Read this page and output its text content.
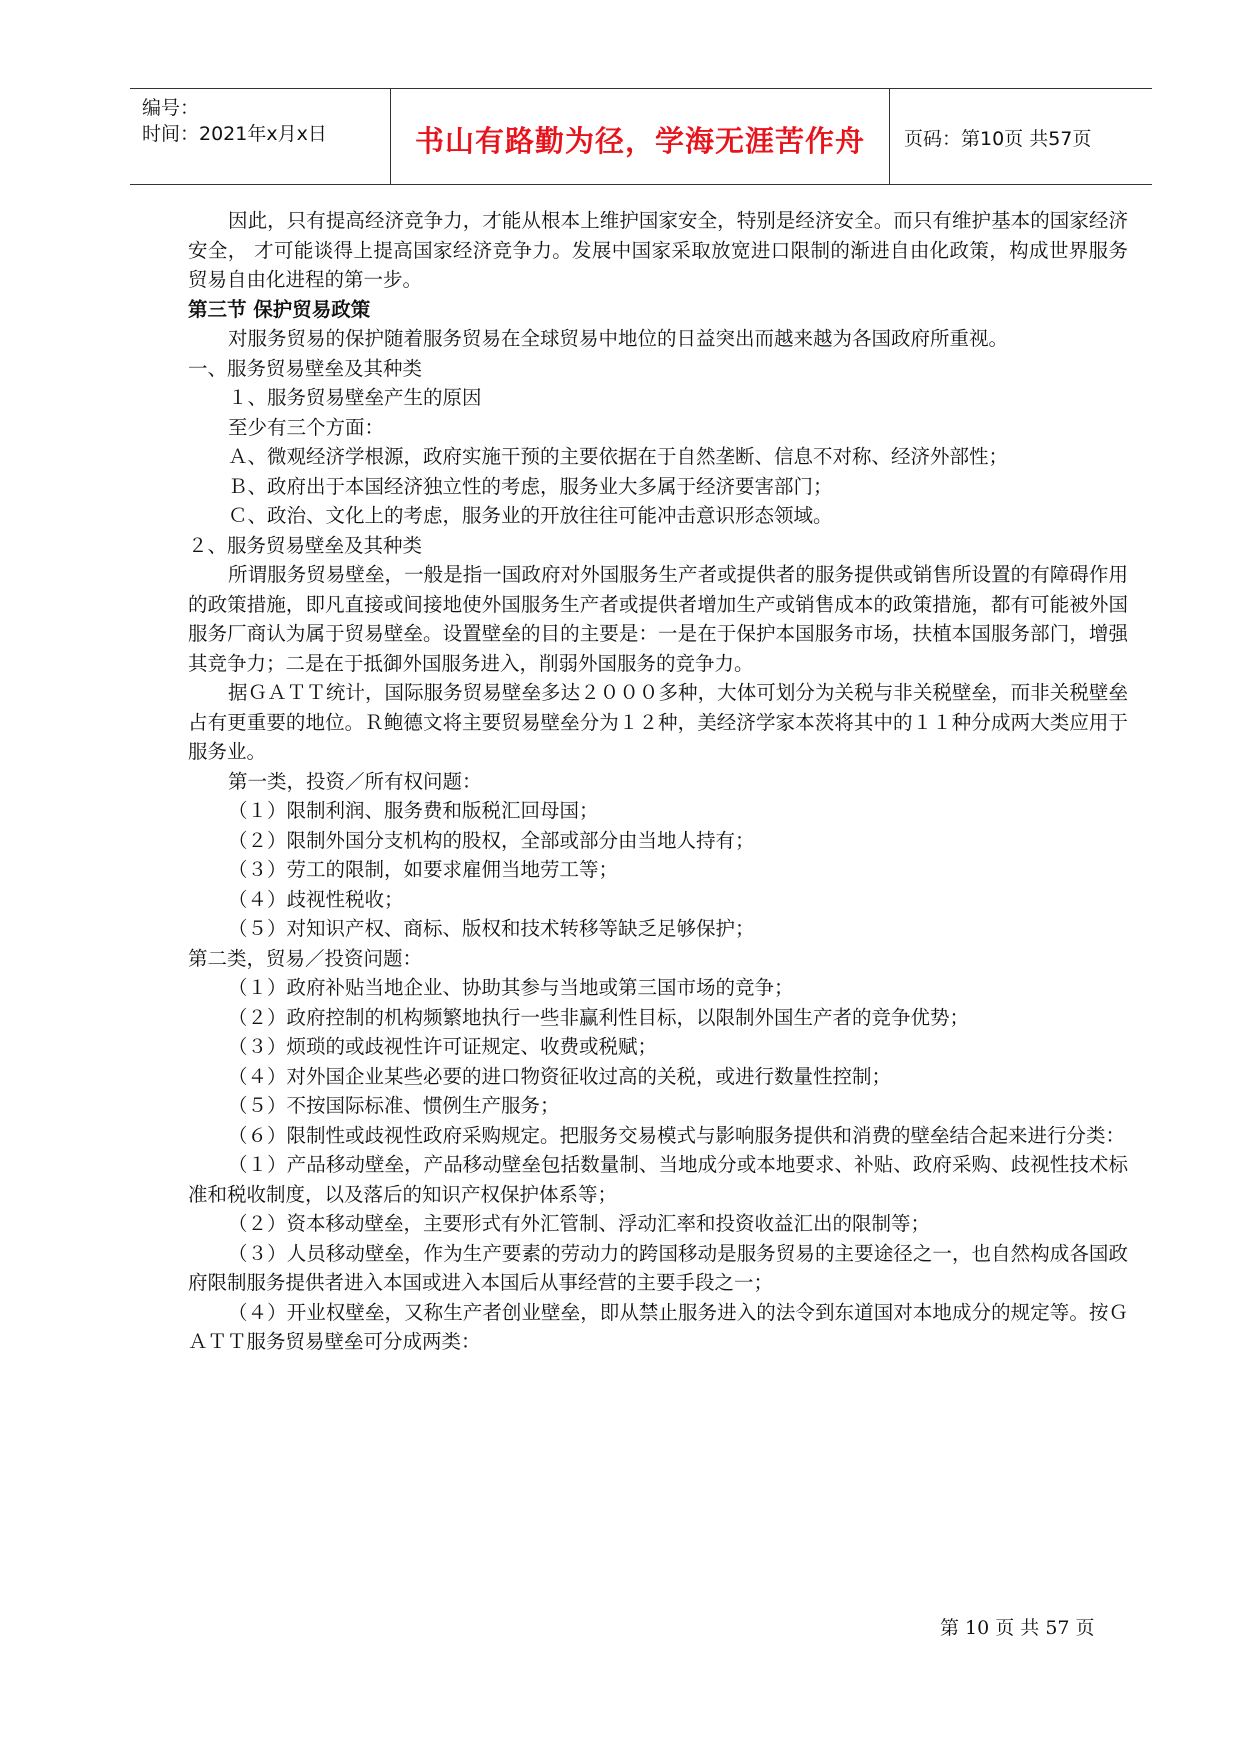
编号：
时间：2021年x月x日	书山有路勤为径，学海无涯苦作舟	页码：第10页 共57页

因此，只有提高经济竞争力，才能从根本上维护国家安全，特别是经济安全。而只有维护基本的国家经济安全， 才可能谈得上提高国家经济竞争力。发展中国家采取放宽进口限制的渐进自由化政策，构成世界服务贸易自由化进程的第一步。

第三节 保护贸易政策

对服务贸易的保护随着服务贸易在全球贸易中地位的日益突出而越来越为各国政府所重视。

一、服务贸易壁垒及其种类

１、服务贸易壁垒产生的原因

至少有三个方面：

Ａ、微观经济学根源，政府实施干预的主要依据在于自然垄断、信息不对称、经济外部性；

Ｂ、政府出于本国经济独立性的考虑，服务业大多属于经济要害部门；

Ｃ、政治、文化上的考虑，服务业的开放往往可能冲击意识形态领域。

２、服务贸易壁垒及其种类

所谓服务贸易壁垒，一般是指一国政府对外国服务生产者或提供者的服务提供或销售所设置的有障碍作用的政策措施，即凡直接或间接地使外国服务生产者或提供者增加生产或销售成本的政策措施，都有可能被外国服务厂商认为属于贸易壁垒。设置壁垒的目的主要是：一是在于保护本国服务市场，扶植本国服务部门，增强其竞争力；二是在于抵御外国服务进入，削弱外国服务的竞争力。

据ＧＡＴＴ统计，国际服务贸易壁垒多达２０００多种，大体可划分为关税与非关税壁垒，而非关税壁垒占有更重要的地位。Ｒ鲍德文将主要贸易壁垒分为１２种，美经济学家本茨将其中的１１种分成两大类应用于服务业。

第一类，投资／所有权问题：

（１）限制利润、服务费和版税汇回母国；

（２）限制外国分支机构的股权，全部或部分由当地人持有；

（３）劳工的限制，如要求雇佣当地劳工等；

（４）歧视性税收；

（５）对知识产权、商标、版权和技术转移等缺乏足够保护；

第二类，贸易／投资问题：

（１）政府补贴当地企业、协助其参与当地或第三国市场的竞争；

（２）政府控制的机构频繁地执行一些非赢利性目标，以限制外国生产者的竞争优势；

（３）烦琐的或歧视性许可证规定、收费或税赋；

（４）对外国企业某些必要的进口物资征收过高的关税，或进行数量性控制；

（５）不按国际标准、惯例生产服务；

（６）限制性或歧视性政府采购规定。把服务交易模式与影响服务提供和消费的壁垒结合起来进行分类：

（１）产品移动壁垒，产品移动壁垒包括数量制、当地成分或本地要求、补贴、政府采购、歧视性技术标准和税收制度，以及落后的知识产权保护体系等；

（２）资本移动壁垒，主要形式有外汇管制、浮动汇率和投资收益汇出的限制等；

（３）人员移动壁垒，作为生产要素的劳动力的跨国移动是服务贸易的主要途径之一，也自然构成各国政府限制服务提供者进入本国或进入本国后从事经营的主要手段之一；

（４）开业权壁垒，又称生产者创业壁垒，即从禁止服务进入的法令到东道国对本地成分的规定等。按ＧＡＴＴ服务贸易壁垒可分成两类：

第 10 页 共 57 页
